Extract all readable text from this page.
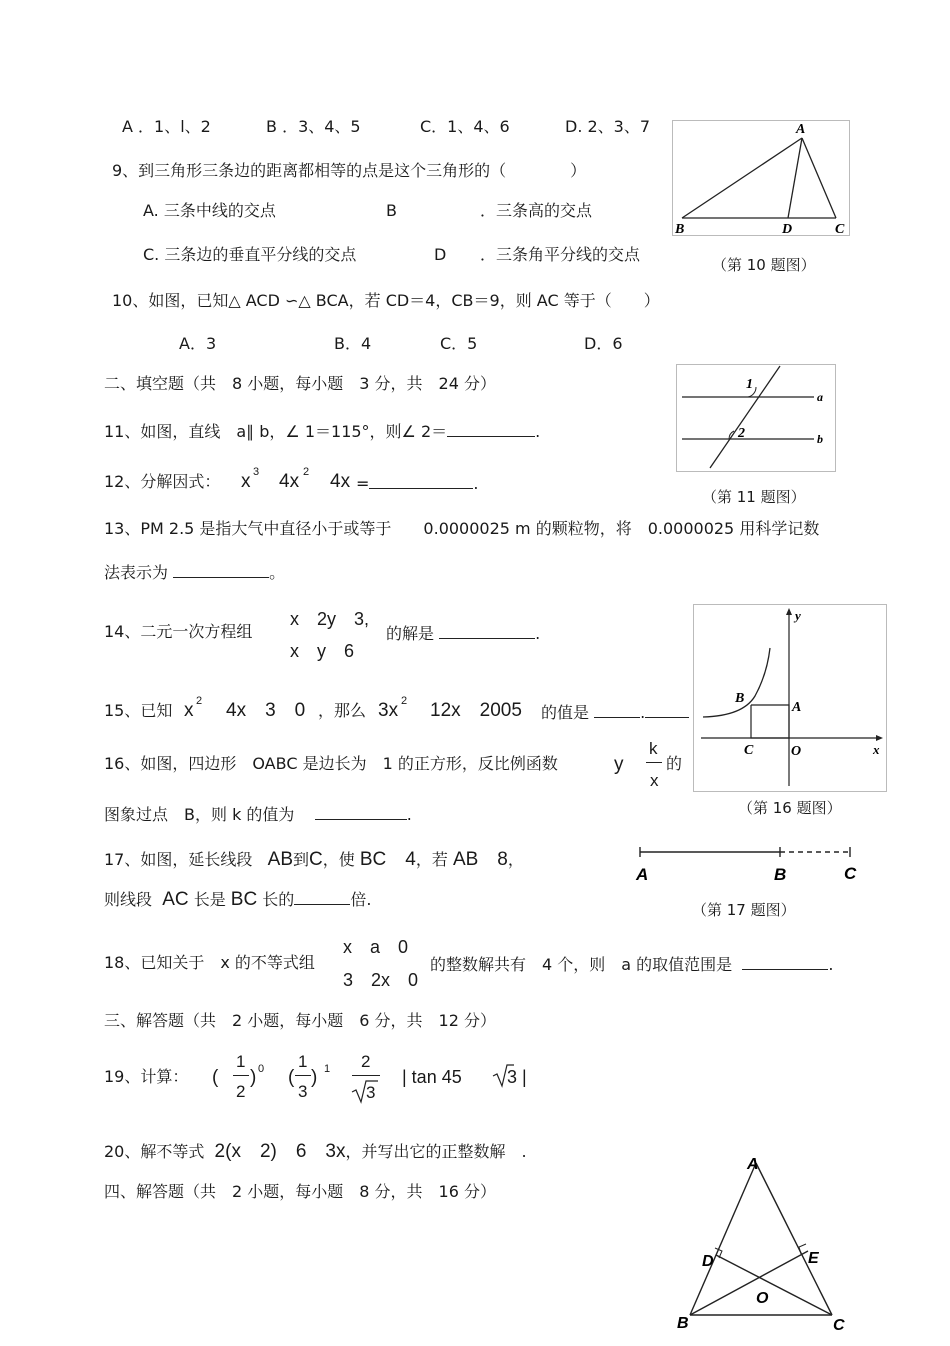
A ．1、l、2	B ．3、4、5	C．1、4、6	D. 2、3、7
9、到三角形三条边的距离都相等的点是这个三角形的（　　　　）
A. 三条中线的交点	B	．三条高的交点
C. 三条边的垂直平分线的交点	D ．三条角平分线的交点
10、如图，已知△ ACD ∽△ BCA，若 CD＝4，CB＝9，则 AC 等于（　　）
A．3	B．4	C．5	D．6
A
B	D	C
（第 10 题图）
二、填空题（共　8 小题，每小题　3 分，共　24 分）
11、如图，直线　a∥ b，∠ 1＝115°，则∠ 2＝	.
1
2
a
b
（第 11 题图）
12、分解因式： x 3 4x 2 4x =	.
13、PM 2.5 是指大气中直径小于或等于　　0.0000025 m 的颗粒物，将　0.0000025 用科学记数
法表示为	。
14、二元一次方程组
x　2y　3,
x　y　6
的解是	.
y
x
B
A
C	O
（第 16 题图）
15、已知 x 2 4x　3　0 ，那么 3x 2 12x　2005 的值是	.
16、如图，四边形　OABC 是边长为　1 的正方形，反比例函数	y
k
x
的
图象过点　B，则 k 的值为	.
17、如图，延长线段 AB到C，使 BC　4，若 AB　8，
则线段 AC 长是 BC 长的	倍.
A	B	C
（第 17 题图）
18、已知关于　x 的不等式组
x　a　0
3　2x　0
的整数解共有　4 个，则　a 的取值范围是	.
三、解答题（共　2 小题，每小题　6 分，共　12 分）
19、计算： (
1
2
) 0 (
1
3
) 1 2
3
| tan 45	3 |
20、解不等式 2(x　2)　6　3x，并写出它的正整数解　.
A
D	E
O
B	C
四、解答题（共　2 小题，每小题　8 分，共　16 分）
